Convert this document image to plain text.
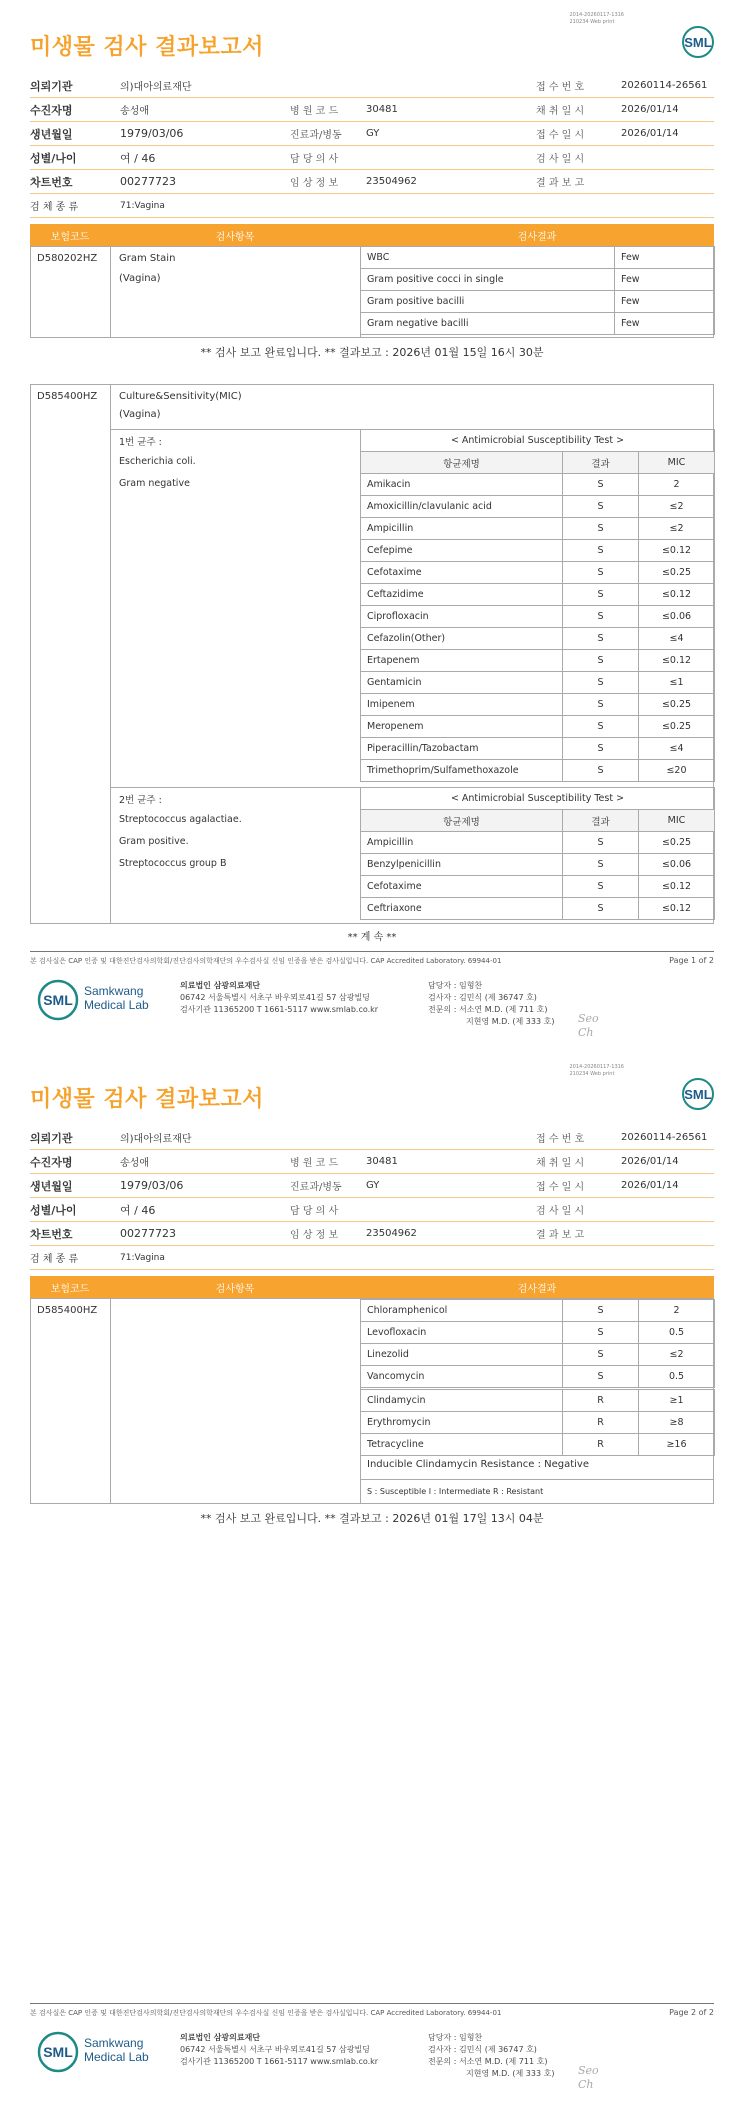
2014-20260117-1316
210234 Web print
SML
미생물 검사 결과보고서
의뢰기관	의)대아의료재단	접 수 번 호	20260114-26561
수진자명	송성애	병 원 코 드	30481	채 취 일 시	2026/01/14
생년월일	1979/03/06	진료과/병동	GY	접 수 일 시	2026/01/14
성별/나이	여 / 46	담 당 의 사	검 사 일 시
차트번호	00277723	임 상 정 보	23504962	결 과 보 고
검 체 종 류	71:Vagina
보험코드	검사항목	검사결과
D580202HZ Gram Stain
(Vagina)
WBC	Few
Gram positive cocci in single	Few
Gram positive bacilli	Few
Gram negative bacilli	Few
** 검사 보고 완료입니다. ** 결과보고 : 2026년 01월 15일 16시 30분
D585400HZ Culture&Sensitivity(MIC)
(Vagina)
1번 균주 :
Escherichia coli.
Gram negative
< Antimicrobial Susceptibility Test >		
항균제명	결과	MIC
Amikacin	S	2
Amoxicillin/clavulanic acid	S	≤2
Ampicillin	S	≤2
Cefepime	S	≤0.12
Cefotaxime	S	≤0.25
Ceftazidime	S	≤0.12
Ciprofloxacin	S	≤0.06
Cefazolin(Other)	S	≤4
Ertapenem	S	≤0.12
Gentamicin	S	≤1
Imipenem	S	≤0.25
Meropenem	S	≤0.25
Piperacillin/Tazobactam	S	≤4
Trimethoprim/Sulfamethoxazole	S	≤20
2번 균주 :
Streptococcus agalactiae.
Gram positive.
Streptococcus group B
< Antimicrobial Susceptibility Test >		
항균제명	결과	MIC
Ampicillin	S	≤0.25
Benzylpenicillin	S	≤0.06
Cefotaxime	S	≤0.12
Ceftriaxone	S	≤0.12
** 계 속 **
본 검사실은 CAP 인증 및 대한진단검사의학회/진단검사의학재단의 우수검사실 신임 인증을 받은 검사실입니다. CAP Accredited Laboratory. 69944-01	Page 1 of 2
SML
Samkwang
Medical Lab
의료법인 삼광의료재단
06742 서울특별시 서초구 바우뫼로41길 57 삼광빌딩
검사기관 11365200 T 1661-5117 www.smlab.co.kr
담당자 : 임형찬
검사자 : 김민식 (제 36747 호)
전문의 : 서소연 M.D. (제 711 호)
지현영 M.D. (제 333 호) Seo
Ch
2014-20260117-1316
210234 Web print
SML
미생물 검사 결과보고서
의뢰기관	의)대아의료재단	접 수 번 호	20260114-26561
수진자명	송성애	병 원 코 드	30481	채 취 일 시	2026/01/14
생년월일	1979/03/06	진료과/병동	GY	접 수 일 시	2026/01/14
성별/나이	여 / 46	담 당 의 사	검 사 일 시
차트번호	00277723	임 상 정 보	23504962	결 과 보 고
검 체 종 류	71:Vagina
보험코드	검사항목	검사결과
D585400HZ	Chloramphenicol	S	2
Levofloxacin	S	0.5
Linezolid	S	≤2
Vancomycin	S	0.5
Clindamycin	R	≥1
Erythromycin	R	≥8
Tetracycline	R	≥16
Inducible Clindamycin Resistance : Negative
S : Susceptible I : Intermediate R : Resistant
** 검사 보고 완료입니다. ** 결과보고 : 2026년 01월 17일 13시 04분
본 검사실은 CAP 인증 및 대한진단검사의학회/진단검사의학재단의 우수검사실 신임 인증을 받은 검사실입니다. CAP Accredited Laboratory. 69944-01	Page 2 of 2
SML
Samkwang
Medical Lab
의료법인 삼광의료재단
06742 서울특별시 서초구 바우뫼로41길 57 삼광빌딩
검사기관 11365200 T 1661-5117 www.smlab.co.kr
담당자 : 임형찬
검사자 : 김민식 (제 36747 호)
전문의 : 서소연 M.D. (제 711 호)
지현영 M.D. (제 333 호) Seo
Ch
